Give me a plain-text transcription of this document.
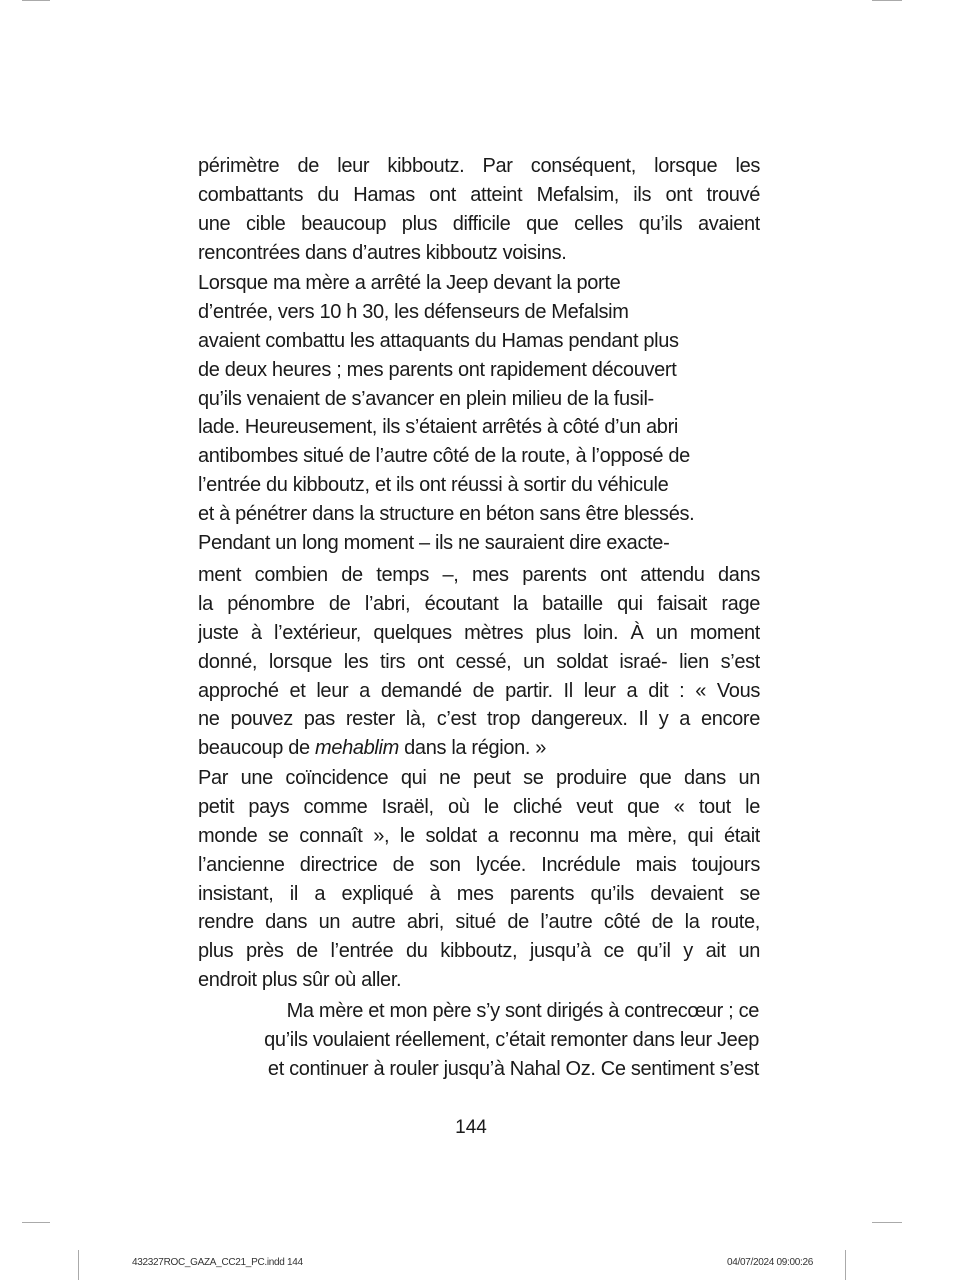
périmètre de leur kibboutz. Par conséquent, lorsque les
combattants du Hamas ont atteint Mefalsim, ils ont trouvé
une cible beaucoup plus difficile que celles qu’ils avaient
rencontrées dans d’autres kibboutz voisins.
Lorsque ma mère a arrêté la Jeep devant la porte
d’entrée, vers 10 h 30, les défenseurs de Mefalsim
avaient combattu les attaquants du Hamas pendant plus
de deux heures ; mes parents ont rapidement découvert
qu’ils venaient de s’avancer en plein milieu de la fusil-
lade. Heureusement, ils s’étaient arrêtés à côté d’un abri
antibombes situé de l’autre côté de la route, à l’opposé de
l’entrée du kibboutz, et ils ont réussi à sortir du véhicule
et à pénétrer dans la structure en béton sans être blessés.
Pendant un long moment – ils ne sauraient dire exacte-
ment combien de temps –, mes parents ont attendu dans
la pénombre de l’abri, écoutant la bataille qui faisait rage
juste à l’extérieur, quelques mètres plus loin. À un moment
donné, lorsque les tirs ont cessé, un soldat israé- lien s’est
approché et leur a demandé de partir. Il leur a dit : « Vous
ne pouvez pas rester là, c’est trop dangereux. Il y a encore
beaucoup de mehablim dans la région. »
Par une coïncidence qui ne peut se produire que dans un
petit pays comme Israël, où le cliché veut que « tout le
monde se connaît », le soldat a reconnu ma mère, qui était
l’ancienne directrice de son lycée. Incrédule mais toujours
insistant, il a expliqué à mes parents qu’ils devaient se
rendre dans un autre abri, situé de l’autre côté de la route,
plus près de l’entrée du kibboutz, jusqu’à ce qu’il y ait un
endroit plus sûr où aller.
Ma mère et mon père s’y sont dirigés à contrecœur ; ce
qu’ils voulaient réellement, c’était remonter dans leur Jeep
et continuer à rouler jusqu’à Nahal Oz. Ce sentiment s’est
144
432327ROC_GAZA_CC21_PC.indd 144	04/07/2024 09:00:26
